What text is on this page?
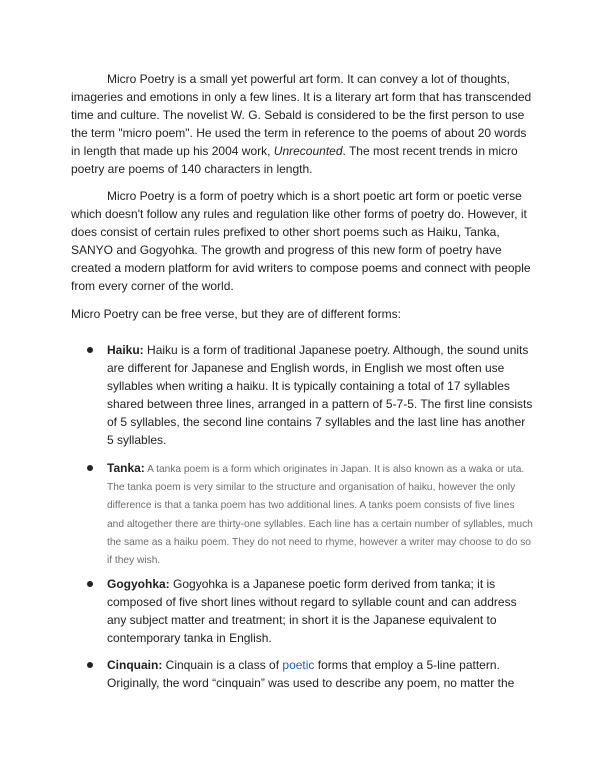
Micro Poetry is a small yet powerful art form. It can convey a lot of thoughts, imageries and emotions in only a few lines. It is a literary art form that has transcended time and culture. The novelist W. G. Sebald is considered to be the first person to use the term "micro poem". He used the term in reference to the poems of about 20 words in length that made up his 2004 work, Unrecounted. The most recent trends in micro poetry are poems of 140 characters in length.

Micro Poetry is a form of poetry which is a short poetic art form or poetic verse which doesn't follow any rules and regulation like other forms of poetry do. However, it does consist of certain rules prefixed to other short poems such as Haiku, Tanka, SANYO and Gogyohka. The growth and progress of this new form of poetry have created a modern platform for avid writers to compose poems and connect with people from every corner of the world.

Micro Poetry can be free verse, but they are of different forms:

Haiku: Haiku is a form of traditional Japanese poetry. Although, the sound units are different for Japanese and English words, in English we most often use syllables when writing a haiku. It is typically containing a total of 17 syllables shared between three lines, arranged in a pattern of 5-7-5. The first line consists of 5 syllables, the second line contains 7 syllables and the last line has another 5 syllables.

Tanka: A tanka poem is a form which originates in Japan. It is also known as a waka or uta. The tanka poem is very similar to the structure and organisation of haiku, however the only difference is that a tanka poem has two additional lines. A tanks poem consists of five lines and altogether there are thirty-one syllables. Each line has a certain number of syllables, much the same as a haiku poem. They do not need to rhyme, however a writer may choose to do so if they wish.

Gogyohka: Gogyohka is a Japanese poetic form derived from tanka; it is composed of five short lines without regard to syllable count and can address any subject matter and treatment; in short it is the Japanese equivalent to contemporary tanka in English.

Cinquain: Cinquain is a class of poetic forms that employ a 5-line pattern. Originally, the word “cinquain” was used to describe any poem, no matter the
